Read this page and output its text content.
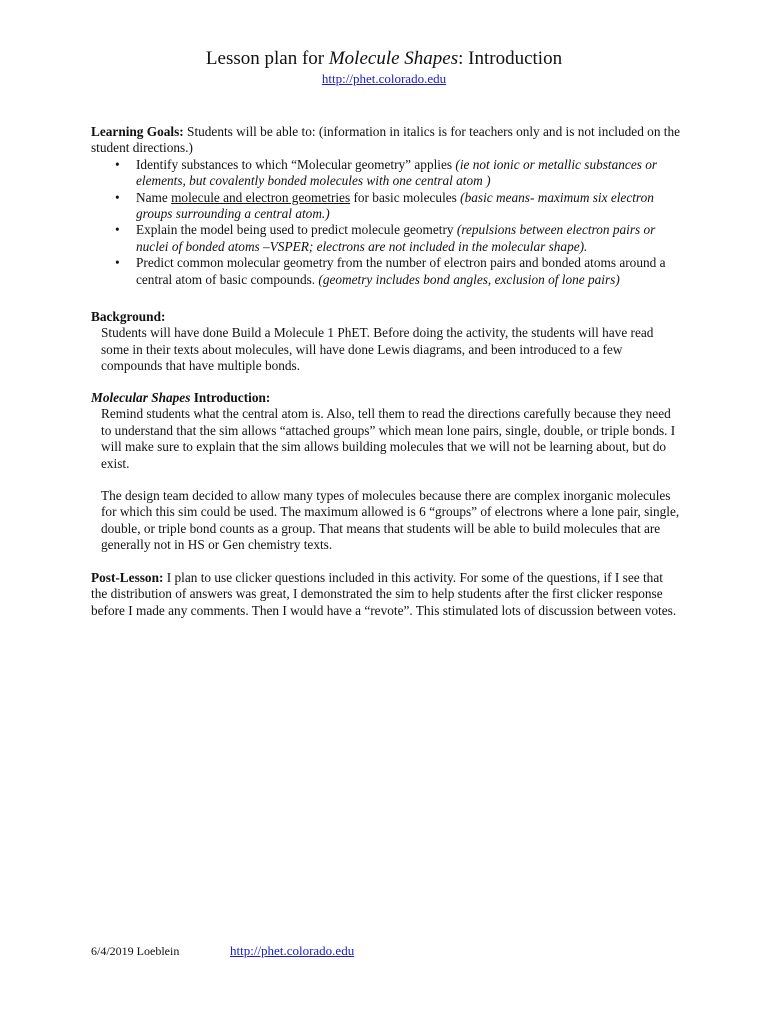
Lesson plan for Molecule Shapes: Introduction
http://phet.colorado.edu
Learning Goals: Students will be able to: (information in italics is for teachers only and is not included on the student directions.)
• Identify substances to which “Molecular geometry” applies (ie not ionic or metallic substances or elements, but covalently bonded molecules with one central atom )
• Name molecule and electron geometries for basic molecules (basic means- maximum six electron groups surrounding a central atom.)
• Explain the model being used to predict molecule geometry (repulsions between electron pairs or nuclei of bonded atoms –VSPER; electrons are not included in the molecular shape).
• Predict common molecular geometry from the number of electron pairs and bonded atoms around a central atom of basic compounds. (geometry includes bond angles, exclusion of lone pairs)
Background:
Students will have done Build a Molecule 1 PhET. Before doing the activity, the students will have read some in their texts about molecules, will have done Lewis diagrams, and been introduced to a few compounds that have multiple bonds.
Molecular Shapes Introduction:
Remind students what the central atom is. Also, tell them to read the directions carefully because they need to understand that the sim allows “attached groups” which mean lone pairs, single, double, or triple bonds. I will make sure to explain that the sim allows building molecules that we will not be learning about, but do exist.
The design team decided to allow many types of molecules because there are complex inorganic molecules for which this sim could be used. The maximum allowed is 6 “groups” of electrons where a lone pair, single, double, or triple bond counts as a group. That means that students will be able to build molecules that are generally not in HS or Gen chemistry texts.
Post-Lesson: I plan to use clicker questions included in this activity. For some of the questions, if I see that the distribution of answers was great, I demonstrated the sim to help students after the first clicker response before I made any comments. Then I would have a “revote”. This stimulated lots of discussion between votes.
6/4/2019 Loeblein	http://phet.colorado.edu
